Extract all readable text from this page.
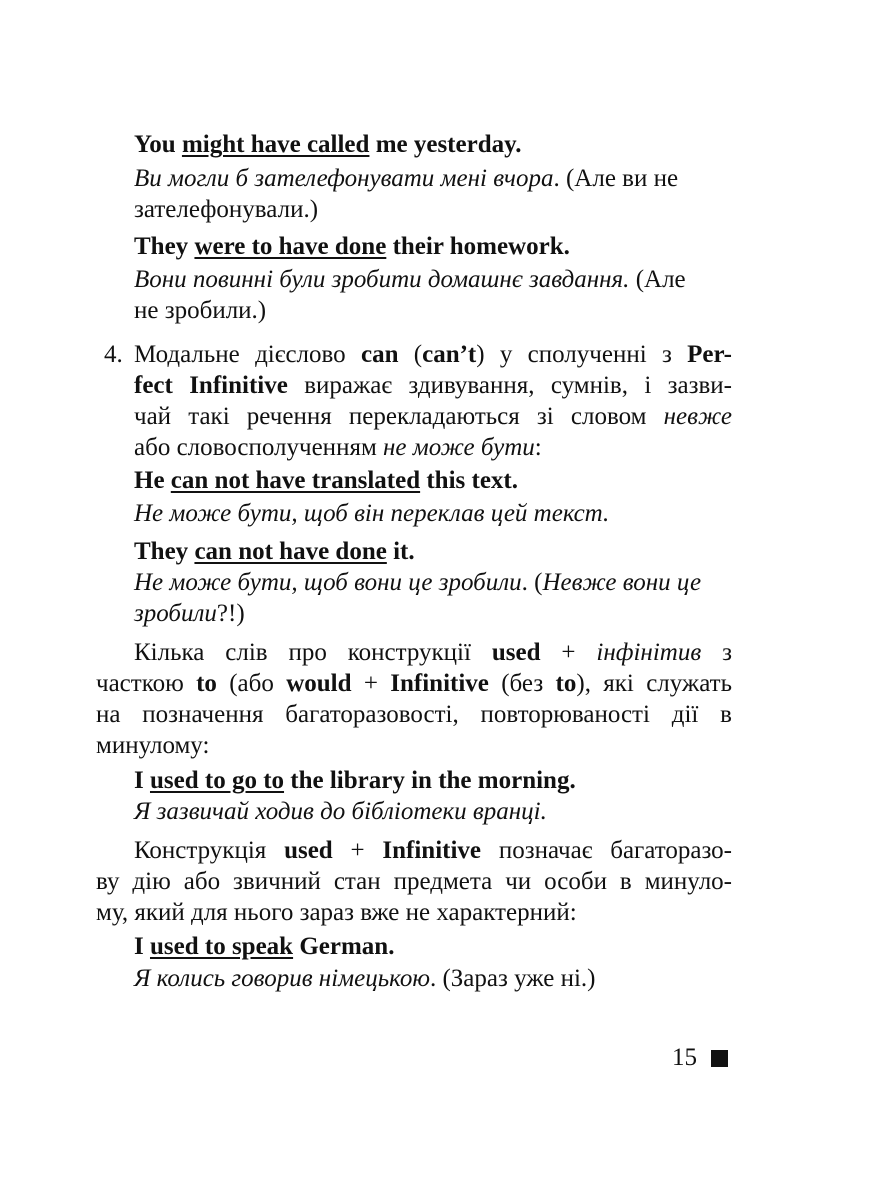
You might have called me yesterday.
Ви могли б зателефонувати мені вчора. (Але ви не
зателефонували.)
They were to have done their homework.
Вони повинні були зробити домашнє завдання. (Але
не зробили.)
4. Модальне дієслово can (can’t) у сполученні з Per-
fect Infinitive виражає здивування, сумнів, і зазви-
чай такі речення перекладаються зі словом невже
або словосполученням не може бути:
He can not have translated this text.
Не може бути, щоб він переклав цей текст.
They can not have done it.
Не може бути, щоб вони це зробили. (Невже вони це
зробили?!)
Кілька слів про конструкції used + інфінітив з
часткою to (або would + Infinitive (без to), які служать
на позначення багаторазовості, повторюваності дії в
минулому:
I used to go to the library in the morning.
Я зазвичай ходив до бібліотеки вранці.
Конструкція used + Infinitive позначає багаторазо-
ву дію або звичний стан предмета чи особи в минуло-
му, який для нього зараз вже не характерний:
I used to speak German.
Я колись говорив німецькою. (Зараз уже ні.)
15
